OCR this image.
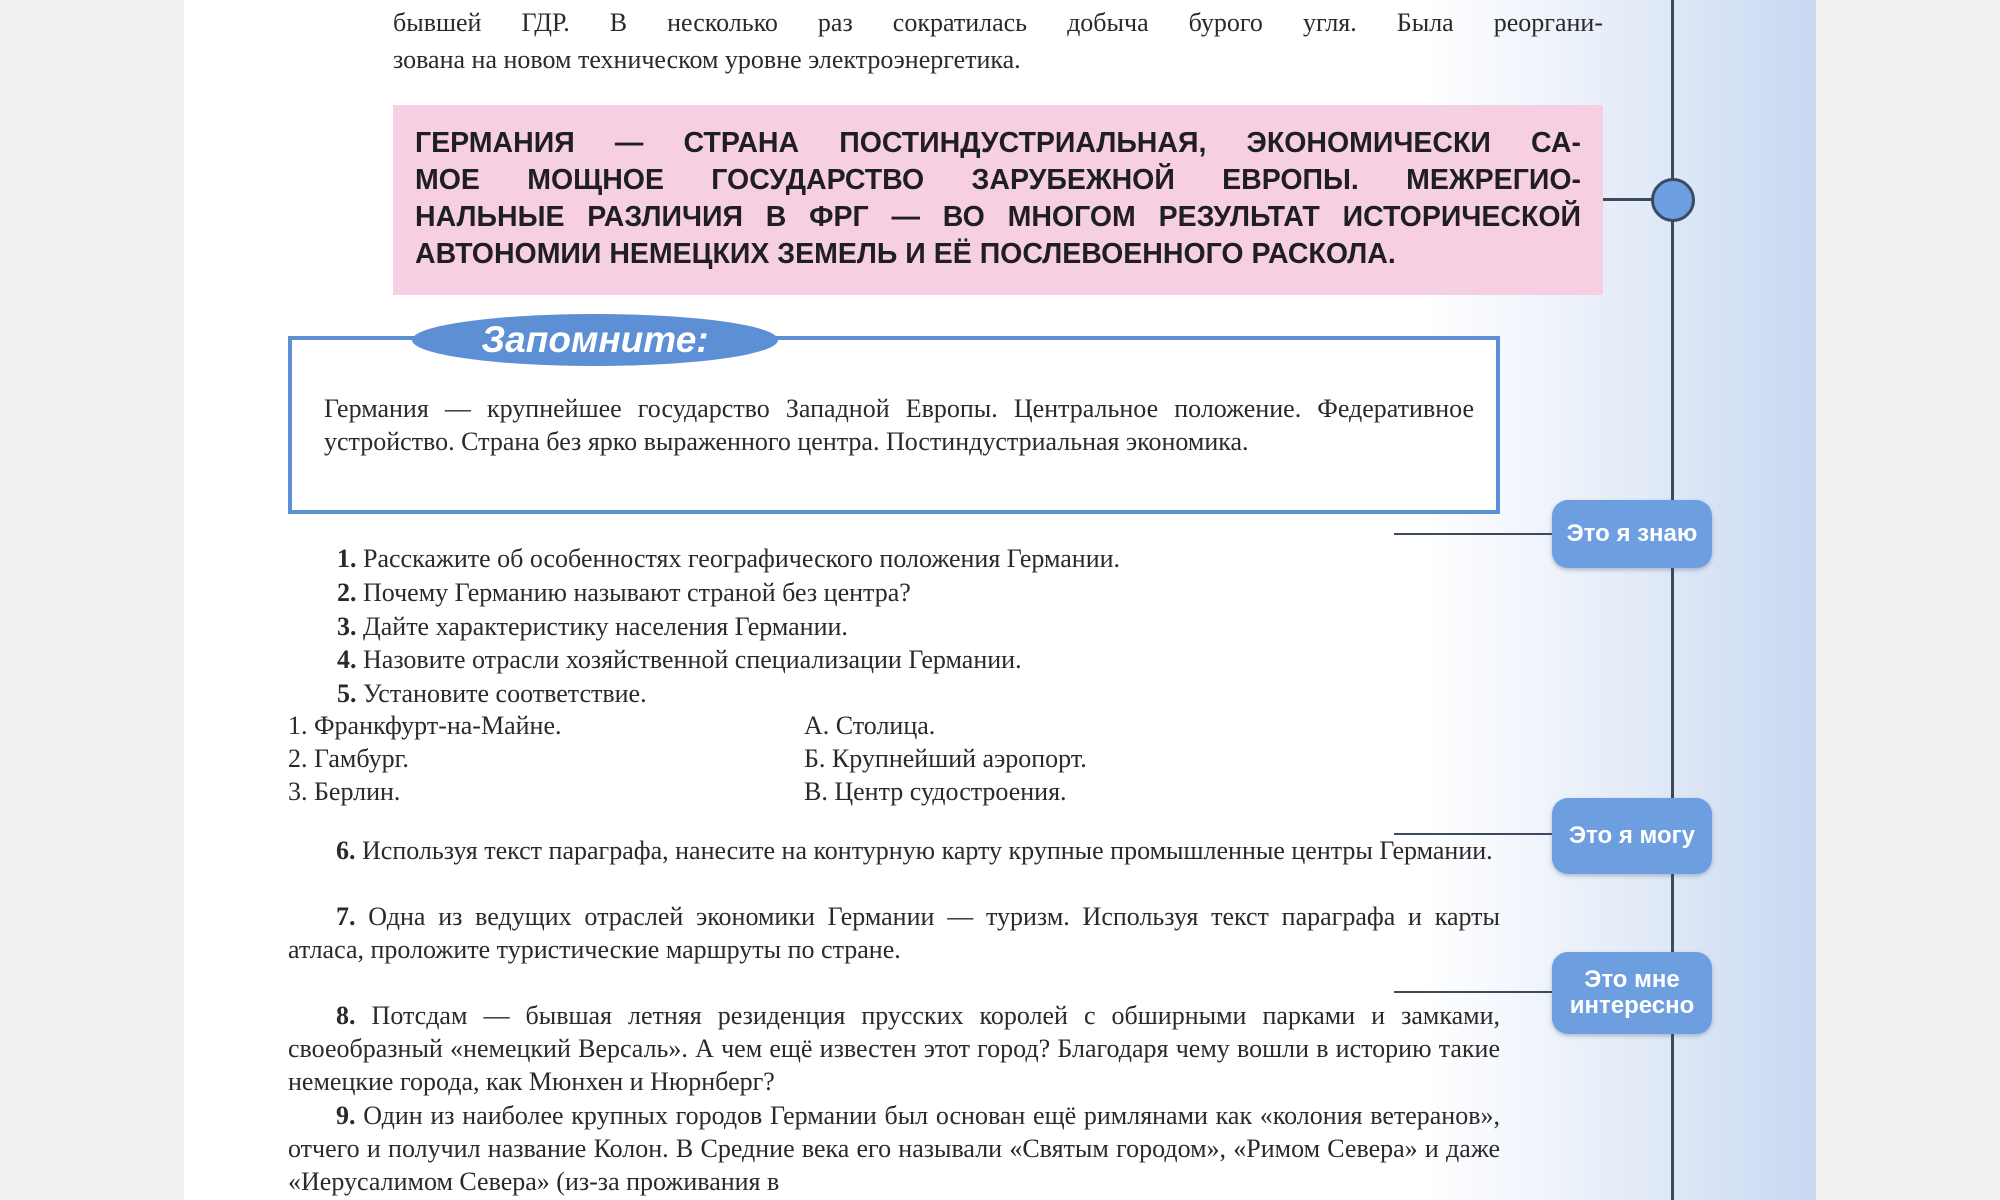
бывшей ГДР. В несколько раз сократилась добыча бурого угля. Была реоргани-

зована на новом техническом уровне электроэнергетика.

ГЕРМАНИЯ — СТРАНА ПОСТИНДУСТРИАЛЬНАЯ, ЭКОНОМИЧЕСКИ СА-

МОЕ МОЩНОЕ ГОСУДАРСТВО ЗАРУБЕЖНОЙ ЕВРОПЫ. МЕЖРЕГИО-

НАЛЬНЫЕ РАЗЛИЧИЯ В ФРГ — ВО МНОГОМ РЕЗУЛЬТАТ ИСТОРИЧЕСКОЙ

АВТОНОМИИ НЕМЕЦКИХ ЗЕМЕЛЬ И ЕЁ ПОСЛЕВОЕННОГО РАСКОЛА.

Германия — крупнейшее государство Западной Европы. Центральное положение. Федеративное устройство. Страна без ярко выраженного центра. Постиндустриальная экономика.

Запомните:
Это я знаю

1. Расскажите об особенностях географического положения Германии.

2. Почему Германию называют страной без центра?

3. Дайте характеристику населения Германии.

4. Назовите отрасли хозяйственной специализации Германии.

5. Установите соответствие.

1. Франкфурт-на-Майне.
2. Гамбург.
3. Берлин.
А. Столица.
Б. Крупнейший аэропорт.
В. Центр судостроения.
Это я могу

6. Используя текст параграфа, нанесите на контурную карту крупные промышленные центры Германии.

7. Одна из ведущих отраслей экономики Германии — туризм. Используя текст параграфа и карты атласа, проложите туристические маршруты по стране.

Это мне
интересно

8. Потсдам — бывшая летняя резиденция прусских королей с обширными парками и замками, своеобразный «немецкий Версаль». А чем ещё известен этот город? Благодаря чему вошли в историю такие немецкие города, как Мюнхен и Нюрнберг?

9. Один из наиболее крупных городов Германии был основан ещё римлянами как «колония ветеранов», отчего и получил название Колон. В Средние века его называли «Святым городом», «Римом Севера» и даже «Иерусалимом Севера» (из-за проживания в
